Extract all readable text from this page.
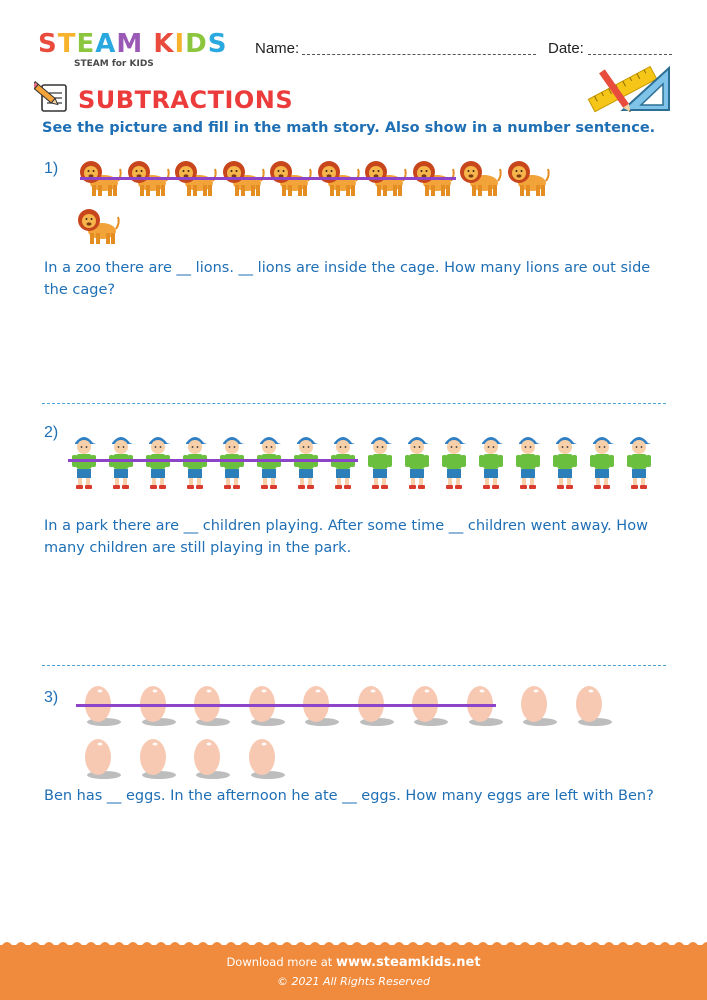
STEAM KIDS
STEAM for KIDS
Name:	Date:
SUBTRACTIONS
See the picture and fill in the math story. Also show in a number sentence.
1)
In a zoo there are __ lions. __ lions are inside the cage. How many lions are out side the cage?
2)
In a park there are __ children playing. After some time __ children went away. How many children are still playing in the park.
3)
Ben has __ eggs. In the afternoon he ate __ eggs. How many eggs are left with Ben?
Download more at www.steamkids.net
© 2021 All Rights Reserved
